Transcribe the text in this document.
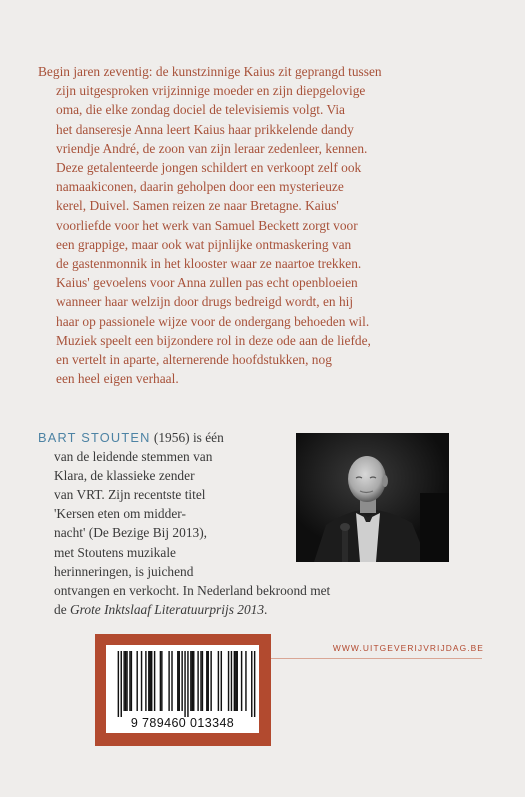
Begin jaren zeventig: de kunstzinnige Kaius zit geprangd tussen
zijn uitgesproken vrijzinnige moeder en zijn diepgelovige
oma, die elke zondag dociel de televisiemis volgt. Via
het danseresje Anna leert Kaius haar prikkelende dandy
vriendje André, de zoon van zijn leraar zedenleer, kennen.
Deze getalenteerde jongen schildert en verkoopt zelf ook
namaakiconen, daarin geholpen door een mysterieuze
kerel, Duivel. Samen reizen ze naar Bretagne. Kaius'
voorliefde voor het werk van Samuel Beckett zorgt voor
een grappige, maar ook wat pijnlijke ontmaskering van
de gastenmonnik in het klooster waar ze naartoe trekken.
Kaius' gevoelens voor Anna zullen pas echt openbloeien
wanneer haar welzijn door drugs bedreigd wordt, en hij
haar op passionele wijze voor de ondergang behoeden wil.
Muziek speelt een bijzondere rol in deze ode aan de liefde,
en vertelt in aparte, alternerende hoofdstukken, nog
een heel eigen verhaal.
BART STOUTEN (1956) is één
van de leidende stemmen van
Klara, de klassieke zender
van VRT. Zijn recentste titel
'Kersen eten om midder-
nacht' (De Bezige Bij 2013),
met Stoutens muzikale
herinneringen, is juichend
ontvangen en verkocht. In Nederland bekroond met
de Grote Inktslaaf Literatuurprijs 2013.
WWW.UITGEVERIJVRIJDAG.BE
9 789460 013348
